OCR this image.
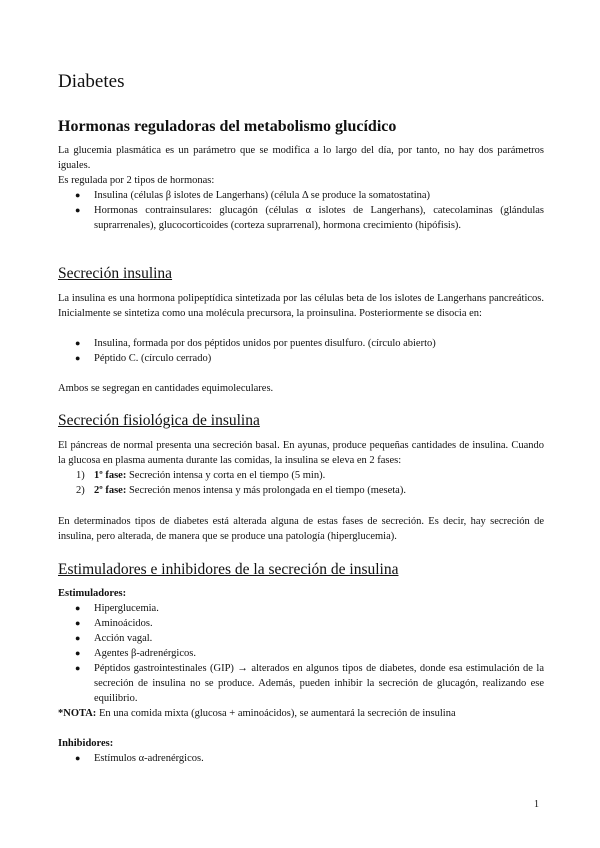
Diabetes
Hormonas reguladoras del metabolismo glucídico

La glucemia plasmática es un parámetro que se modifica a lo largo del día, por tanto, no hay dos parámetros iguales.

Es regulada por 2 tipos de hormonas:

● Insulina (células β islotes de Langerhans) (célula Δ se produce la somatostatina)
● Hormonas contrainsulares: glucagón (células α islotes de Langerhans), catecolaminas (glándulas suprarrenales), glucocorticoides (corteza suprarrenal), hormona crecimiento (hipófisis).
Secreción insulina

La insulina es una hormona polipeptídica sintetizada por las células beta de los islotes de Langerhans pancreáticos. Inicialmente se sintetiza como una molécula precursora, la proinsulina. Posteriormente se disocia en:

● Insulina, formada por dos péptidos unidos por puentes disulfuro. (círculo abierto)
● Péptido C. (círculo cerrado)

Ambos se segregan en cantidades equimoleculares.

Secreción fisiológica de insulina

El páncreas de normal presenta una secreción basal. En ayunas, produce pequeñas cantidades de insulina. Cuando la glucosa en plasma aumenta durante las comidas, la insulina se eleva en 2 fases:

1) 1º fase: Secreción intensa y corta en el tiempo (5 min).
2) 2º fase: Secreción menos intensa y más prolongada en el tiempo (meseta).

En determinados tipos de diabetes está alterada alguna de estas fases de secreción. Es decir, hay secreción de insulina, pero alterada, de manera que se produce una patología (hiperglucemia).

Estimuladores e inhibidores de la secreción de insulina

Estimuladores:

● Hiperglucemia.
● Aminoácidos.
● Acción vagal.
● Agentes β-adrenérgicos.
● Péptidos gastrointestinales (GIP) → alterados en algunos tipos de diabetes, donde esa estimulación de la secreción de insulina no se produce. Además, pueden inhibir la secreción de glucagón, realizando ese equilibrio.

*NOTA: En una comida mixta (glucosa + aminoácidos), se aumentará la secreción de insulina

Inhibidores:

● Estímulos α-adrenérgicos.
1
